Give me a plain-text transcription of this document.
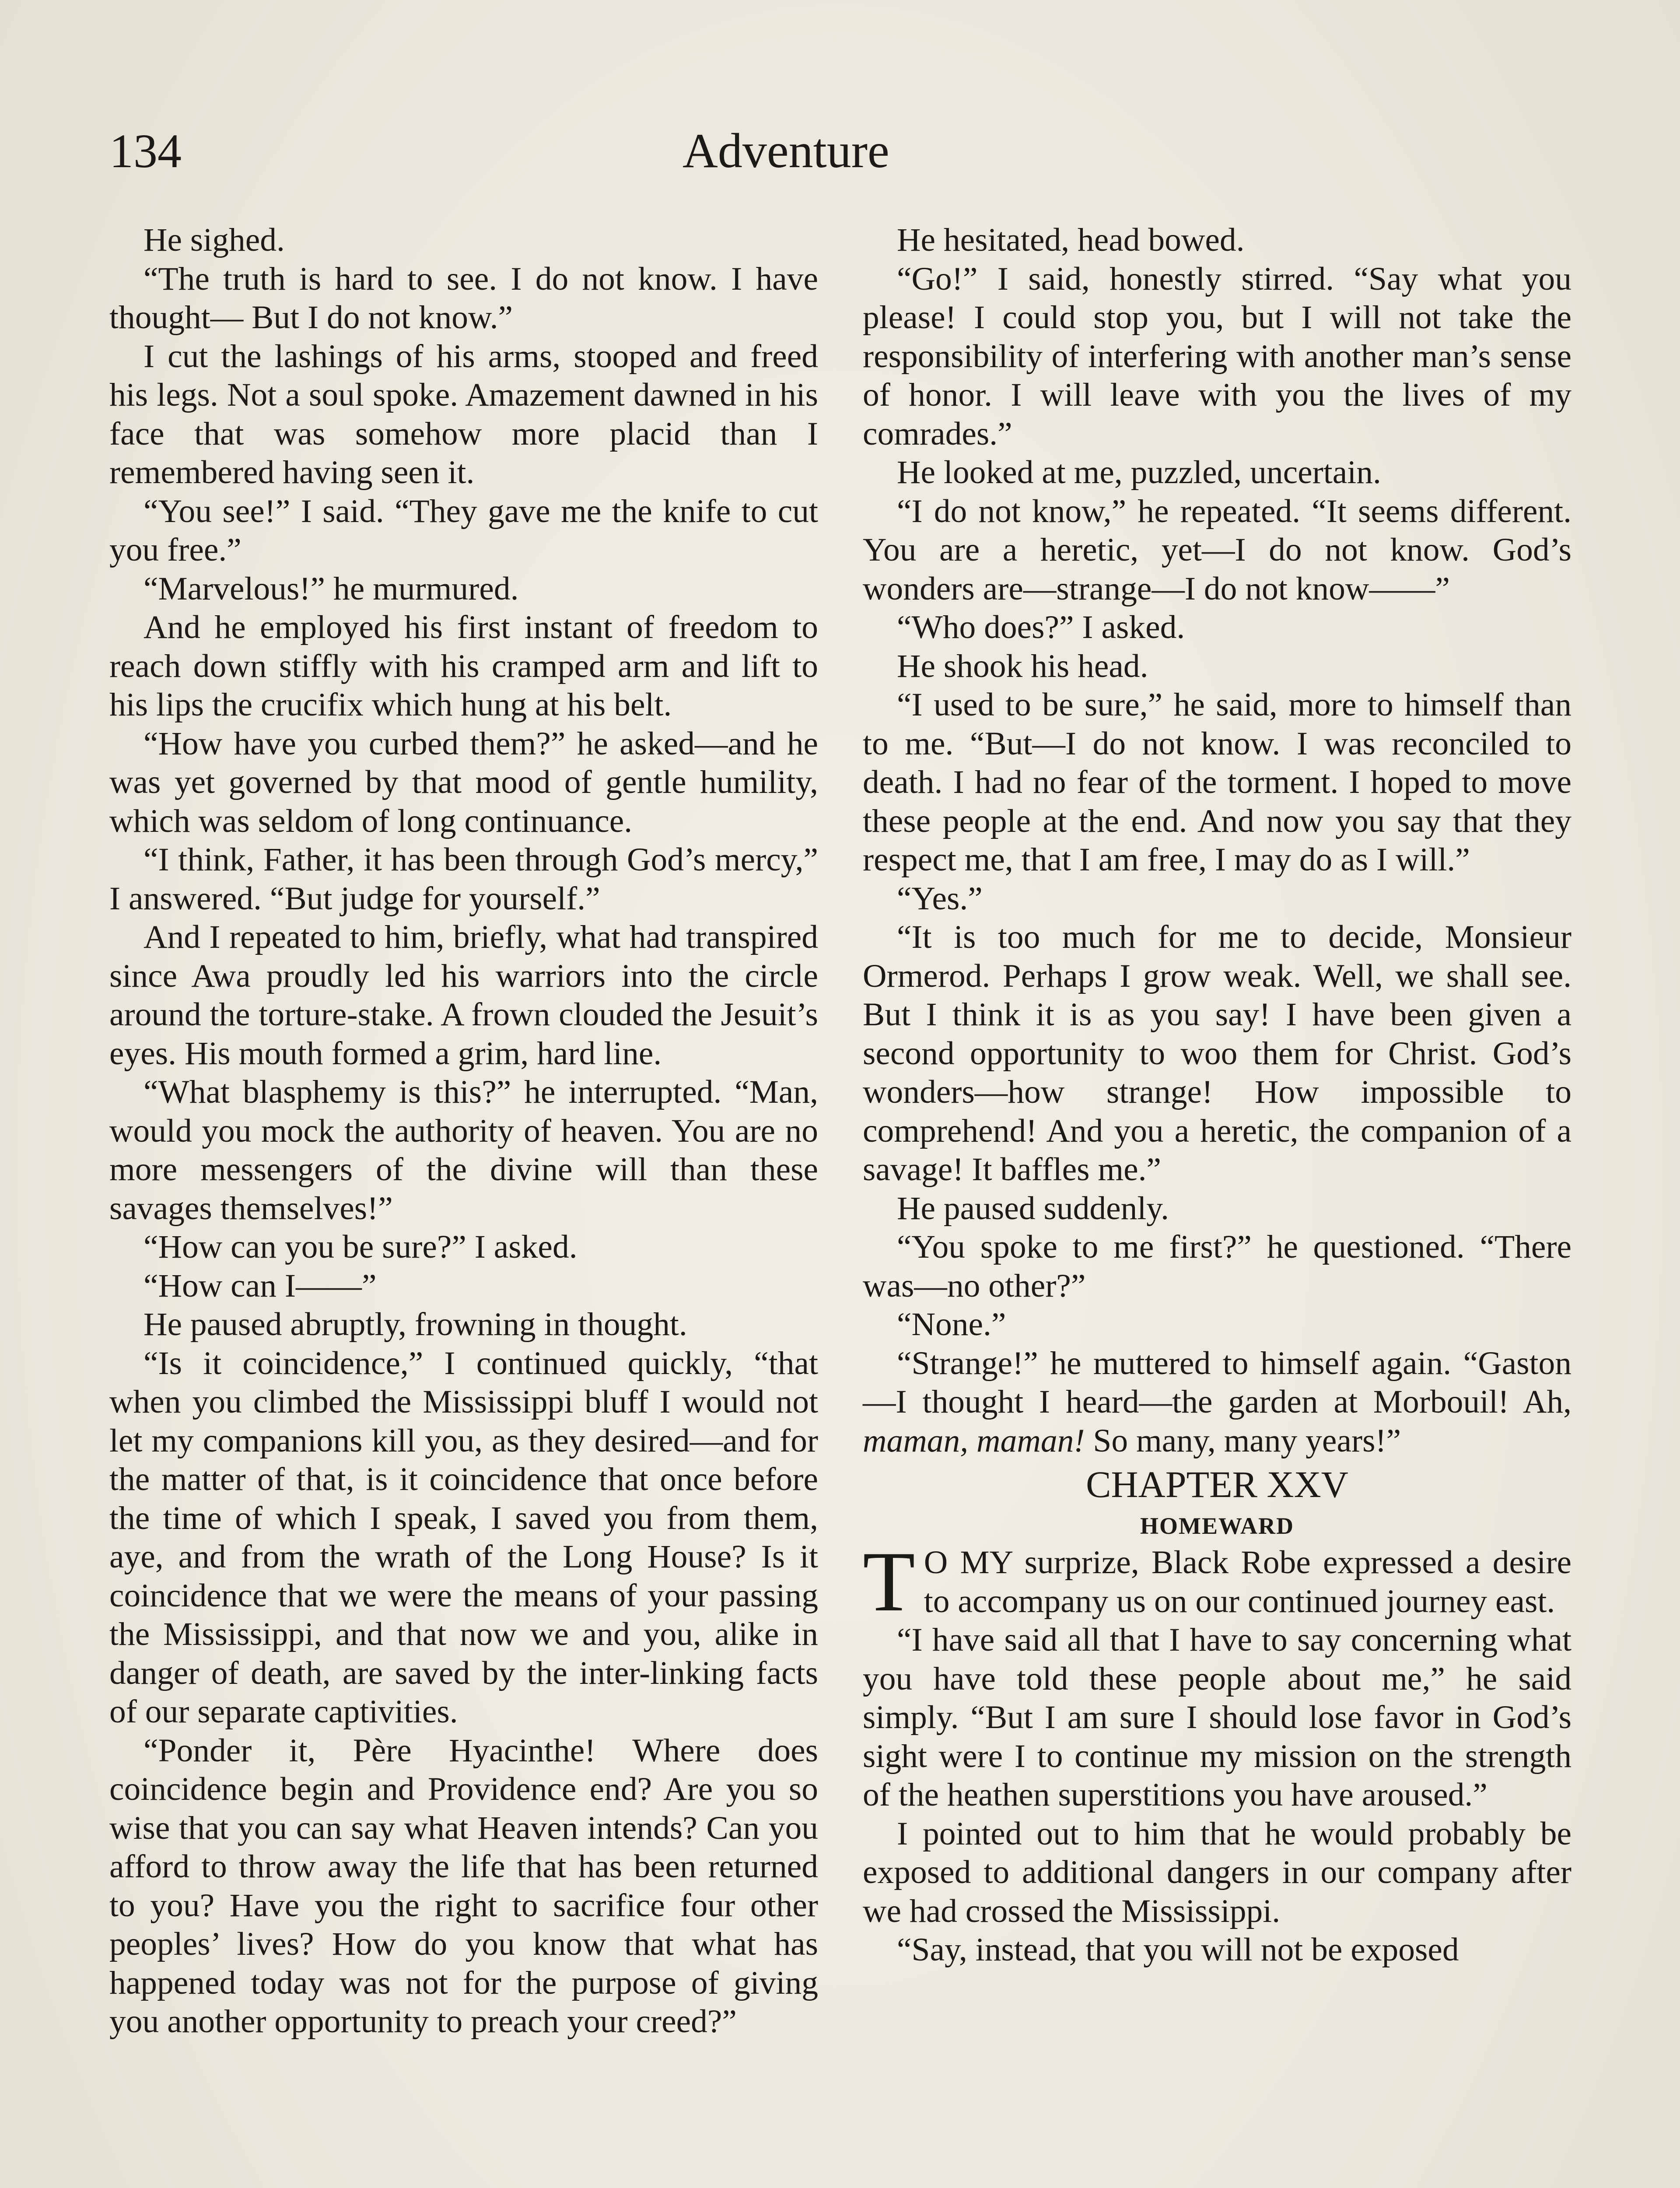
134	Adventure

He sighed.

“The truth is hard to see. I do not know. I have thought— But I do not know.”

I cut the lashings of his arms, stooped and freed his legs. Not a soul spoke. Amazement dawned in his face that was somehow more placid than I remembered having seen it.

“You see!” I said. “They gave me the knife to cut you free.”

“Marvelous!” he murmured.

And he employed his first instant of freedom to reach down stiffly with his cramped arm and lift to his lips the crucifix which hung at his belt.

“How have you curbed them?” he asked—and he was yet governed by that mood of gentle humility, which was seldom of long continuance.

“I think, Father, it has been through God’s mercy,” I answered. “But judge for yourself.”

And I repeated to him, briefly, what had transpired since Awa proudly led his warriors into the circle around the torture-stake. A frown clouded the Jesuit’s eyes. His mouth formed a grim, hard line.

“What blasphemy is this?” he interrupted. “Man, would you mock the authority of heaven. You are no more messengers of the divine will than these savages themselves!”

“How can you be sure?” I asked.

“How can I——”

He paused abruptly, frowning in thought.

“Is it coincidence,” I continued quickly, “that when you climbed the Mississippi bluff I would not let my companions kill you, as they desired—and for the matter of that, is it coincidence that once before the time of which I speak, I saved you from them, aye, and from the wrath of the Long House? Is it coincidence that we were the means of your passing the Mississippi, and that now we and you, alike in danger of death, are saved by the inter-linking facts of our separate captivities.

“Ponder it, Père Hyacinthe! Where does coincidence begin and Providence end? Are you so wise that you can say what Heaven intends? Can you afford to throw away the life that has been returned to you? Have you the right to sacrifice four other peoples’ lives? How do you know that what has happened today was not for the purpose of giving you another opportunity to preach your creed?”

He hesitated, head bowed.

“Go!” I said, honestly stirred. “Say what you please! I could stop you, but I will not take the responsibility of interfering with another man’s sense of honor. I will leave with you the lives of my comrades.”

He looked at me, puzzled, uncertain.

“I do not know,” he repeated. “It seems different. You are a heretic, yet—I do not know. God’s wonders are—strange—I do not know——”

“Who does?” I asked.

He shook his head.

“I used to be sure,” he said, more to himself than to me. “But—I do not know. I was reconciled to death. I had no fear of the torment. I hoped to move these people at the end. And now you say that they respect me, that I am free, I may do as I will.”

“Yes.”

“It is too much for me to decide, Monsieur Ormerod. Perhaps I grow weak. Well, we shall see. But I think it is as you say! I have been given a second opportunity to woo them for Christ. God’s wonders—how strange! How impossible to comprehend! And you a heretic, the companion of a savage! It baffles me.”

He paused suddenly.

“You spoke to me first?” he questioned. “There was—no other?”

“None.”

“Strange!” he muttered to himself again. “Gaston—I thought I heard—the garden at Morbouil! Ah, maman, maman! So many, many years!”

CHAPTER XXV

HOMEWARD

T O MY surprize, Black Robe expressed a desire to accompany us on our continued journey east.

“I have said all that I have to say concerning what you have told these people about me,” he said simply. “But I am sure I should lose favor in God’s sight were I to continue my mission on the strength of the heathen superstitions you have aroused.”

I pointed out to him that he would probably be exposed to additional dangers in our company after we had crossed the Mississippi.

“Say, instead, that you will not be exposed
